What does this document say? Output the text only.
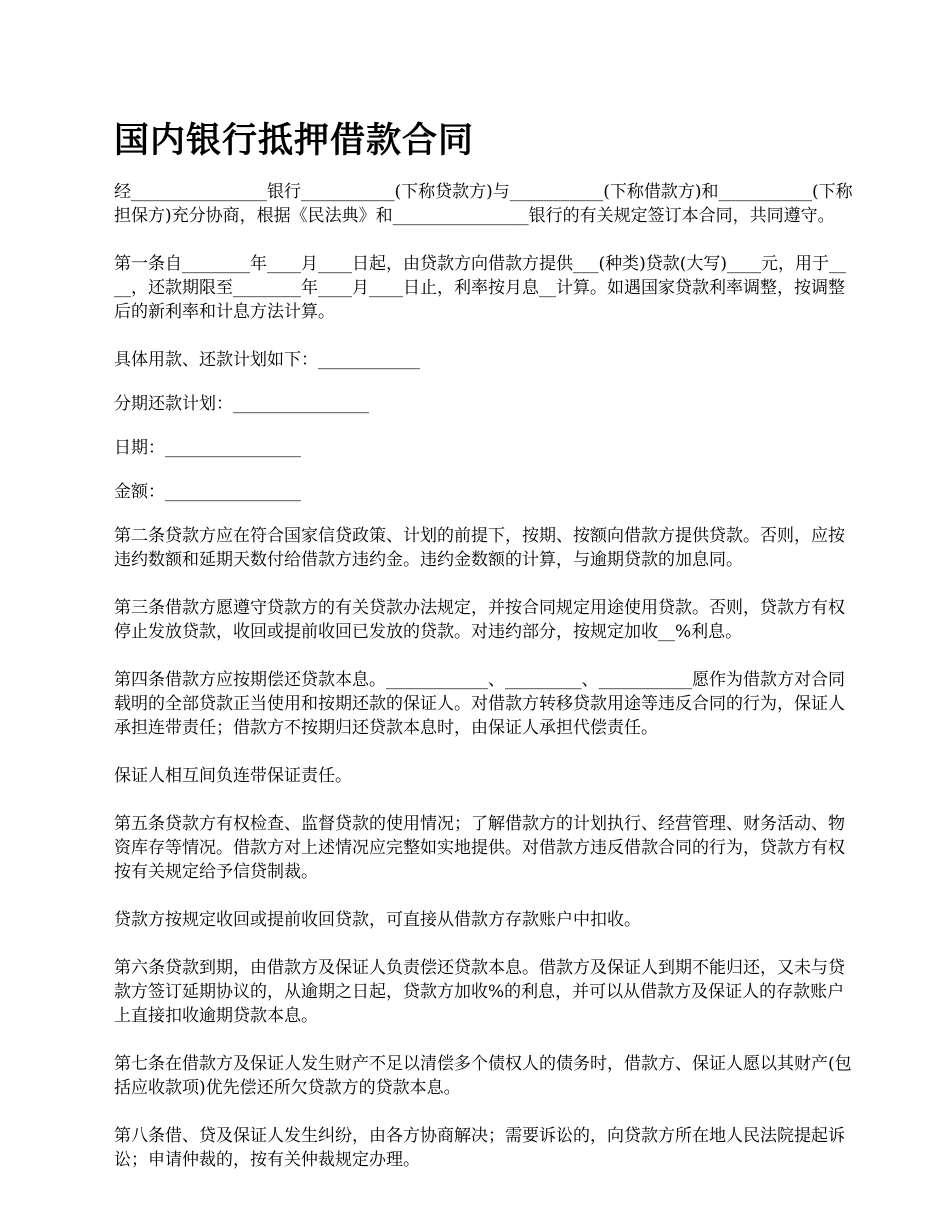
国内银行抵押借款合同

经________________银行___________(下称贷款方)与___________(下称借款方)和___________(下称担保方)充分协商，根据《民法典》和________________银行的有关规定签订本合同，共同遵守。

第一条自________年____月____日起，由贷款方向借款方提供___(种类)贷款(大写)____元，用于____，还款期限至________年____月____日止，利率按月息__计算。如遇国家贷款利率调整，按调整后的新利率和计息方法计算。

具体用款、还款计划如下：____________

分期还款计划：________________

日期：________________

金额：________________

第二条贷款方应在符合国家信贷政策、计划的前提下，按期、按额向借款方提供贷款。否则，应按违约数额和延期天数付给借款方违约金。违约金数额的计算，与逾期贷款的加息同。

第三条借款方愿遵守贷款方的有关贷款办法规定，并按合同规定用途使用贷款。否则，贷款方有权停止发放贷款，收回或提前收回已发放的贷款。对违约部分，按规定加收__%利息。

第四条借款方应按期偿还贷款本息。____________、_________、___________愿作为借款方对合同载明的全部贷款正当使用和按期还款的保证人。对借款方转移贷款用途等违反合同的行为，保证人承担连带责任；借款方不按期归还贷款本息时，由保证人承担代偿责任。

保证人相互间负连带保证责任。

第五条贷款方有权检查、监督贷款的使用情况；了解借款方的计划执行、经营管理、财务活动、物资库存等情况。借款方对上述情况应完整如实地提供。对借款方违反借款合同的行为，贷款方有权按有关规定给予信贷制裁。

贷款方按规定收回或提前收回贷款，可直接从借款方存款账户中扣收。

第六条贷款到期，由借款方及保证人负责偿还贷款本息。借款方及保证人到期不能归还，又未与贷款方签订延期协议的，从逾期之日起，贷款方加收%的利息，并可以从借款方及保证人的存款账户上直接扣收逾期贷款本息。

第七条在借款方及保证人发生财产不足以清偿多个债权人的债务时，借款方、保证人愿以其财产(包括应收款项)优先偿还所欠贷款方的贷款本息。

第八条借、贷及保证人发生纠纷，由各方协商解决；需要诉讼的，向贷款方所在地人民法院提起诉讼；申请仲裁的，按有关仲裁规定办理。
